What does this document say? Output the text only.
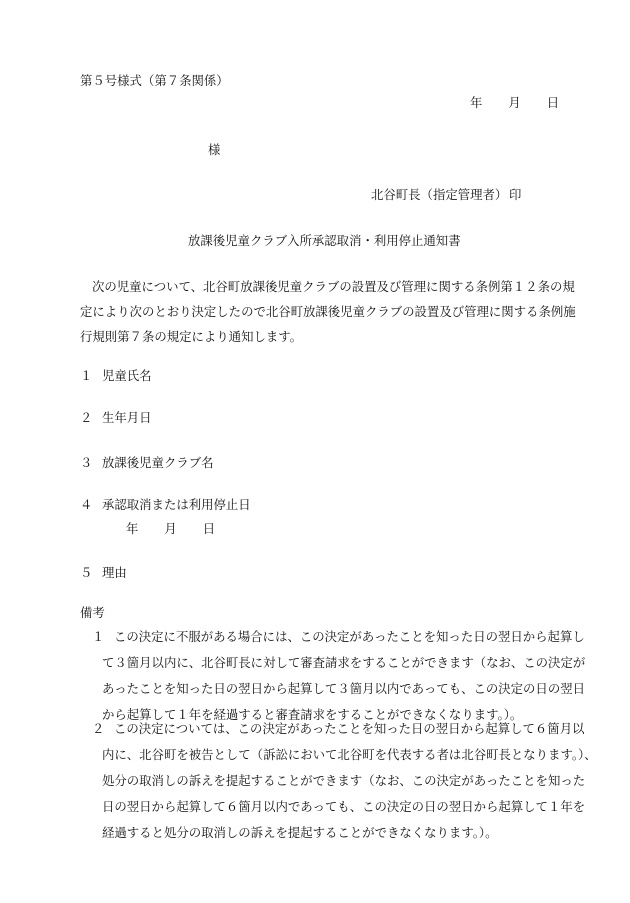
第５号様式（第７条関係）
年 月 日
様
北谷町長（指定管理者） 印
放課後児童クラブ入所承認取消・利用停止通知書
次の児童について、北谷町放課後児童クラブの設置及び管理に関する条例第１２条の規
定により次のとおり決定したので北谷町放課後児童クラブの設置及び管理に関する条例施
行規則第７条の規定により通知します。
１ 児童氏名
２ 生年月日
３ 放課後児童クラブ名
４ 承認取消または利用停止日
年 月 日
５ 理由
備考
１ この決定に不服がある場合には、この決定があったことを知った日の翌日から起算し
て３箇月以内に、北谷町長に対して審査請求をすることができます（なお、この決定が
あったことを知った日の翌日から起算して３箇月以内であっても、この決定の日の翌日
から起算して１年を経過すると審査請求をすることができなくなります。）。
２ この決定については、この決定があったことを知った日の翌日から起算して６箇月以
内に、北谷町を被告として（訴訟において北谷町を代表する者は北谷町長となります。）、
処分の取消しの訴えを提起することができます（なお、この決定があったことを知った
日の翌日から起算して６箇月以内であっても、この決定の日の翌日から起算して１年を
経過すると処分の取消しの訴えを提起することができなくなります。）。
